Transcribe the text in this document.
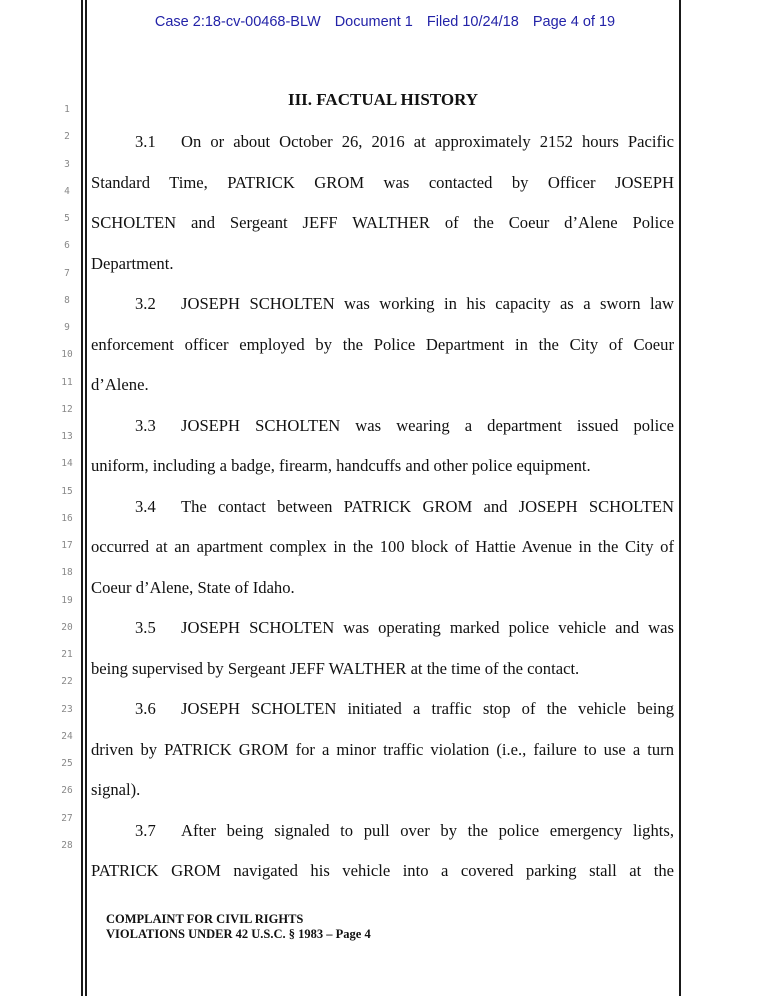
Case 2:18-cv-00468-BLW Document 1 Filed 10/24/18 Page 4 of 19
1
2
3
4
5
6
7
8
9
10
11
12
13
14
15
16
17
18
19
20
21
22
23
24
25
26
27
28
III. FACTUAL HISTORY
3.1 On or about October 26, 2016 at approximately 2152 hours Pacific
Standard Time, PATRICK GROM was contacted by Officer JOSEPH
SCHOLTEN and Sergeant JEFF WALTHER of the Coeur d’Alene Police
Department.
3.2 JOSEPH SCHOLTEN was working in his capacity as a sworn law
enforcement officer employed by the Police Department in the City of Coeur
d’Alene.
3.3 JOSEPH SCHOLTEN was wearing a department issued police
uniform, including a badge, firearm, handcuffs and other police equipment.
3.4 The contact between PATRICK GROM and JOSEPH SCHOLTEN
occurred at an apartment complex in the 100 block of Hattie Avenue in the City of
Coeur d’Alene, State of Idaho.
3.5 JOSEPH SCHOLTEN was operating marked police vehicle and was
being supervised by Sergeant JEFF WALTHER at the time of the contact.
3.6 JOSEPH SCHOLTEN initiated a traffic stop of the vehicle being
driven by PATRICK GROM for a minor traffic violation (i.e., failure to use a turn
signal).
3.7 After being signaled to pull over by the police emergency lights,
PATRICK GROM navigated his vehicle into a covered parking stall at the
COMPLAINT FOR CIVIL RIGHTS
VIOLATIONS UNDER 42 U.S.C. § 1983 – Page 4
